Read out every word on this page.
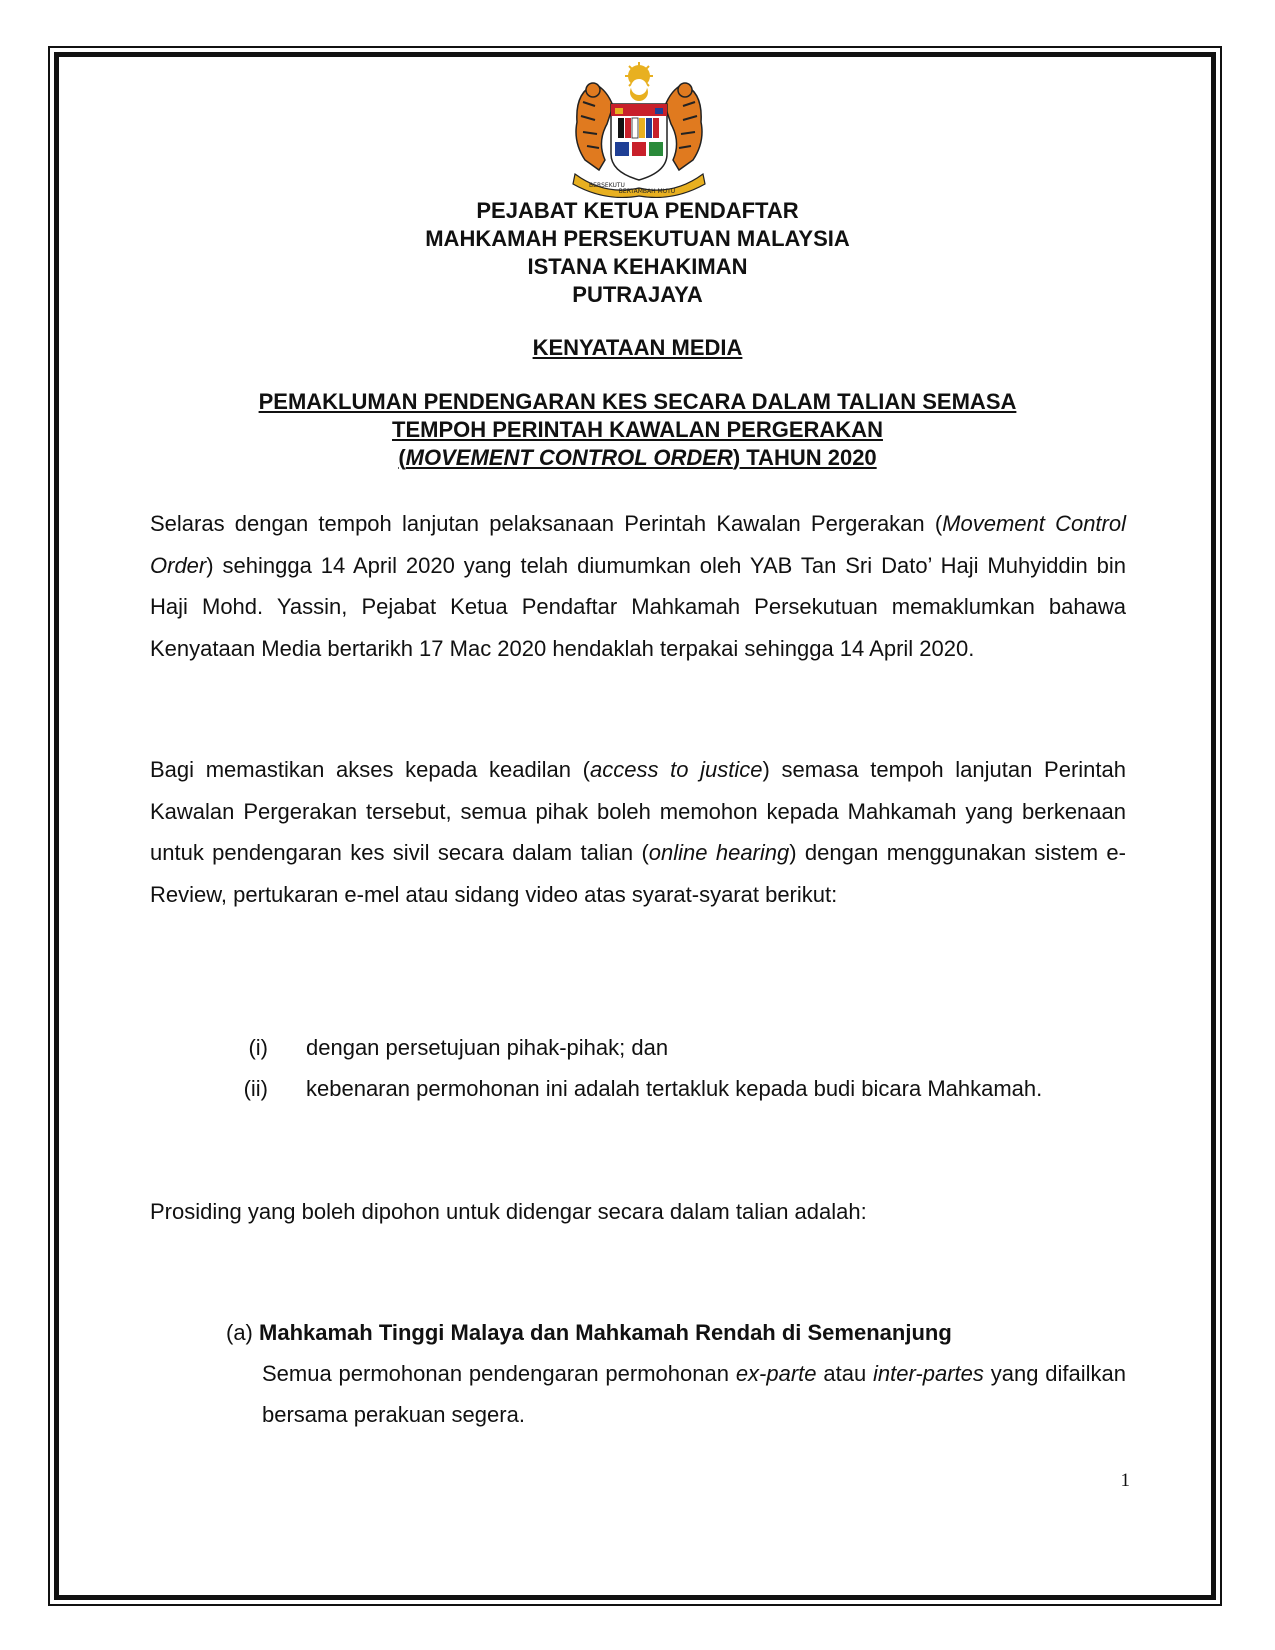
BERSEKUTU
BERTAMBAH MUTU
PEJABAT KETUA PENDAFTAR
MAHKAMAH PERSEKUTUAN MALAYSIA
ISTANA KEHAKIMAN
PUTRAJAYA
KENYATAAN MEDIA
PEMAKLUMAN PENDENGARAN KES SECARA DALAM TALIAN SEMASA
TEMPOH PERINTAH KAWALAN PERGERAKAN
(MOVEMENT CONTROL ORDER) TAHUN 2020

Selaras dengan tempoh lanjutan pelaksanaan Perintah Kawalan Pergerakan (Movement Control Order) sehingga 14 April 2020 yang telah diumumkan oleh YAB Tan Sri Dato’ Haji Muhyiddin bin Haji Mohd. Yassin, Pejabat Ketua Pendaftar Mahkamah Persekutuan memaklumkan bahawa Kenyataan Media bertarikh 17 Mac 2020 hendaklah terpakai sehingga 14 April 2020.

Bagi memastikan akses kepada keadilan (access to justice) semasa tempoh lanjutan Perintah Kawalan Pergerakan tersebut, semua pihak boleh memohon kepada Mahkamah yang berkenaan untuk pendengaran kes sivil secara dalam talian (online hearing) dengan menggunakan sistem e-Review, pertukaran e-mel atau sidang video atas syarat-syarat berikut:

(i) dengan persetujuan pihak-pihak; dan
(ii) kebenaran permohonan ini adalah tertakluk kepada budi bicara Mahkamah.

Prosiding yang boleh dipohon untuk didengar secara dalam talian adalah:

(a) Mahkamah Tinggi Malaya dan Mahkamah Rendah di Semenanjung
Semua permohonan pendengaran permohonan ex-parte atau inter-partes yang difailkan bersama perakuan segera.
1
